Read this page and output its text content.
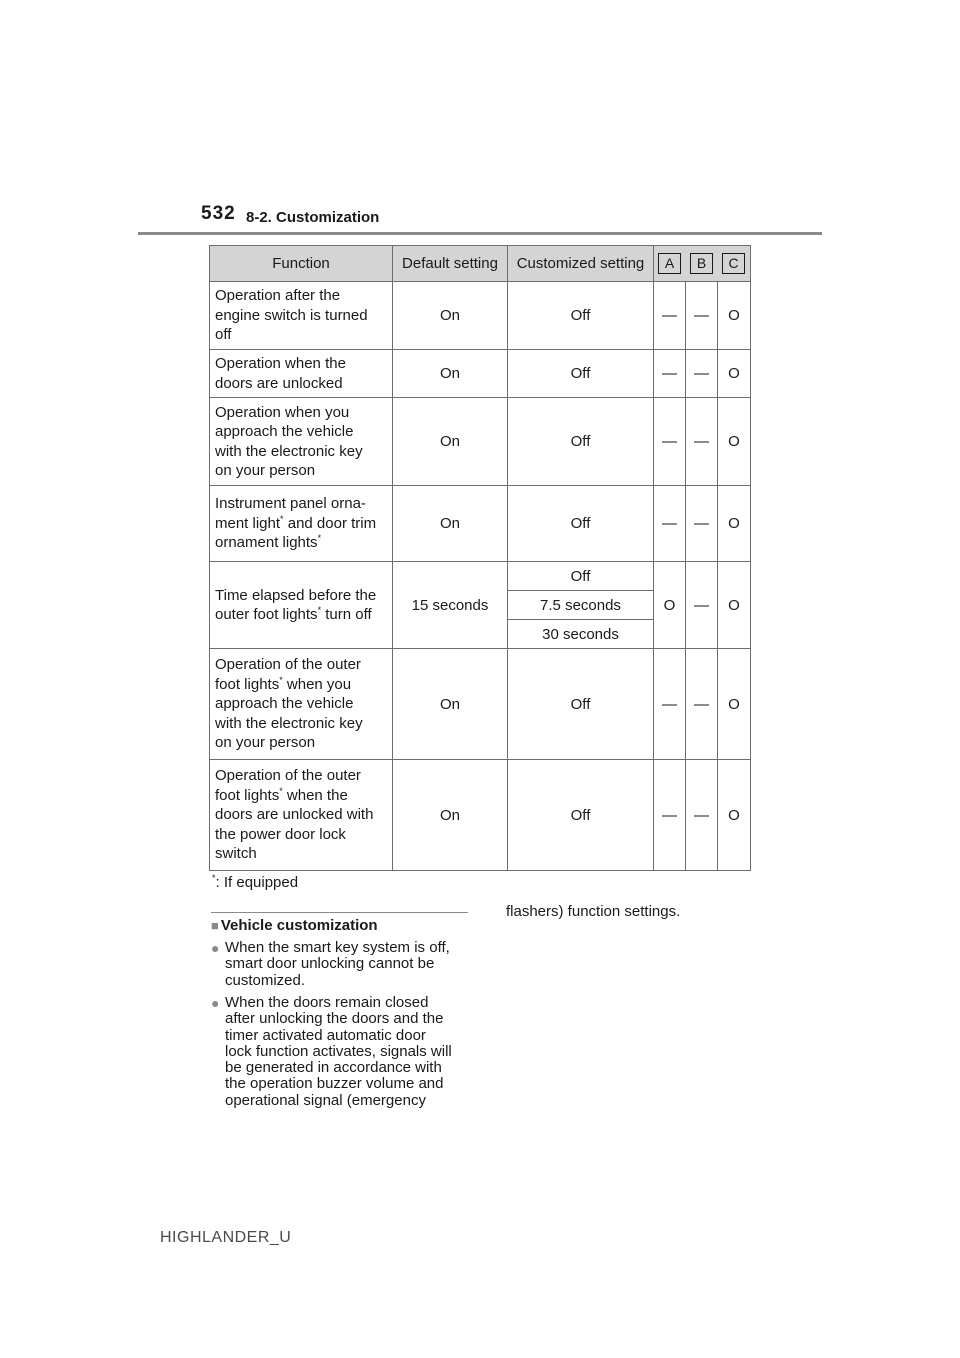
532 8-2. Customization
Function	Default setting	Customized setting	A B C		

Operation after the
engine switch is turned
off	On	Off	—	—	O
Operation when the
doors are unlocked	On	Off	—	—	O
Operation when you
approach the vehicle
with the electronic key
on your person	On	Off	—	—	O
Instrument panel orna-
ment light* and door trim
ornament lights*	On	Off	—	—	O
Time elapsed before the
outer foot lights* turn off	15 seconds	Off	O	—	O
		7.5 seconds			
		30 seconds			
Operation of the outer
foot lights* when you
approach the vehicle
with the electronic key
on your person	On	Off	—	—	O
Operation of the outer
foot lights* when the
doors are unlocked with
the power door lock
switch	On	Off	—	—	O
*: If equipped
■ Vehicle customization
● When the smart key system is off,
smart door unlocking cannot be
customized.
● When the doors remain closed
after unlocking the doors and the
timer activated automatic door
lock function activates, signals will
be generated in accordance with
the operation buzzer volume and
operational signal (emergency
flashers) function settings.
HIGHLANDER_U
